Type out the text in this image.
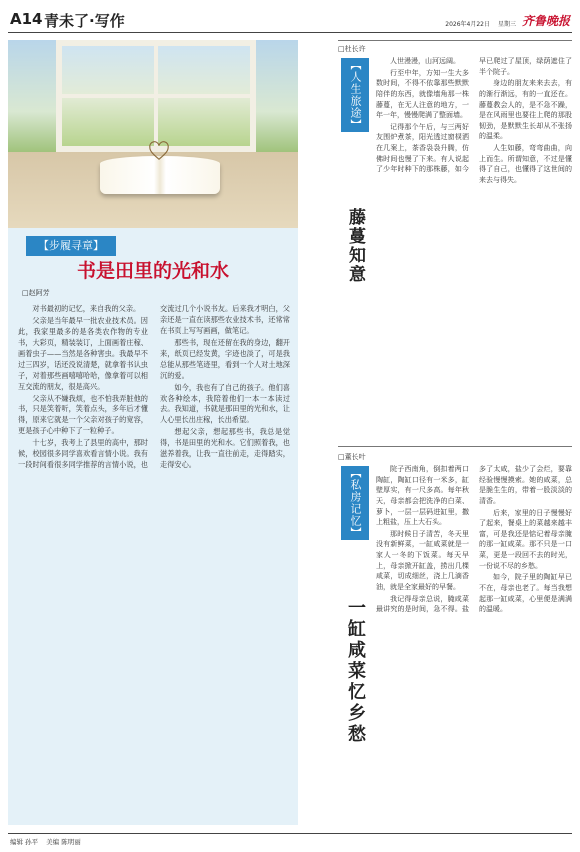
A14 青未了·写作	2026年4月22日 星期三 齐鲁晚报
【步履寻章】
书是田里的光和水
□赵阿芳

对书最初的记忆，来自我的父亲。

父亲是当年最早一批农业技术员。因此，我家里最多的是各类农作物的专业书，大彩页，精装装订，上面画着庄稼、画着虫子——当然是各种害虫。我最早不过三四岁，话还没说清楚，就拿着书认虫子，对着那些画嘻嘻哈哈，像拿着可以相互交流的朋友，很是高兴。

父亲从不嫌我烦，也不怕我弄脏他的书，只是笑着听，笑着点头，多年后才懂得，原来它就是一个父亲对孩子的宽容，更是孩子心中种下了一粒种子。

十七岁，我考上了县里的高中，那时候，校园很多同学喜欢看言情小说。我有一段时间看很多同学推荐的言情小说，也交流过几个小说书友。后来我才明白，父亲还是一直在读那些农业技术书，还常常在书页上写写画画，做笔记。

那些书，现在还留在我的身边，翻开来，纸页已经发黄，字迹也淡了，可是我总能从那些笔迹里，看到一个人对土地深沉的爱。

如今，我也有了自己的孩子。他们喜欢各种绘本，我陪着他们一本一本读过去。我知道，书就是那田里的光和水，让人心里长出庄稼，长出希望。

想起父亲，想起那些书，我总是觉得，书是田里的光和水。它们照着我，也滋养着我，让我一直往前走，走得踏实，走得安心。

□杜长许
【人生旅途】
藤蔓知意

人世漫漫，山河远阔。

行至中年，方知一生大多数时间，不得不依靠那些默默陪伴的东西，就像墙角那一株藤蔓，在无人注意的地方，一年一年，慢慢爬满了整面墙。

记得那个午后，与三两好友围炉煮茶，阳光透过窗棂洒在几案上，茶香袅袅升腾，仿佛时间也慢了下来。有人说起了少年时种下的那株藤，如今早已爬过了屋顶，绿荫遮住了半个院子。

身边的朋友来来去去，有的渐行渐远，有的一直还在。藤蔓教会人的，是不急不躁，是在风雨里也要往上爬的那股韧劲，是默默生长却从不张扬的温柔。

人生如藤，弯弯曲曲，向上而生。所谓知意，不过是懂得了自己，也懂得了这世间的来去与得失。

□董长叶
【私房记忆】
一缸咸菜忆乡愁

院子西南角，倒扣着两口陶缸，陶缸口径有一米多，缸壁厚实，有一尺多高。每年秋天，母亲都会把洗净的白菜、萝卜，一层一层码进缸里，撒上粗盐，压上大石头。

那时候日子清苦，冬天里没有新鲜菜，一缸咸菜就是一家人一冬的下饭菜。每天早上，母亲掀开缸盖，捞出几棵咸菜，切成细丝，浇上几滴香油，就是全家最好的早餐。

我记得母亲总说，腌咸菜最讲究的是时间，急不得。盐多了太咸，盐少了会烂，要靠经验慢慢摸索。她的咸菜，总是脆生生的，带着一股淡淡的清香。

后来，家里的日子慢慢好了起来，餐桌上的菜越来越丰富，可是我还是惦记着母亲腌的那一缸咸菜。那不只是一口菜，更是一段回不去的时光，一份说不尽的乡愁。

如今，院子里的陶缸早已不在，母亲也老了。每当我想起那一缸咸菜，心里便是满满的温暖。

编辑 孙平 美编 陈明丽
